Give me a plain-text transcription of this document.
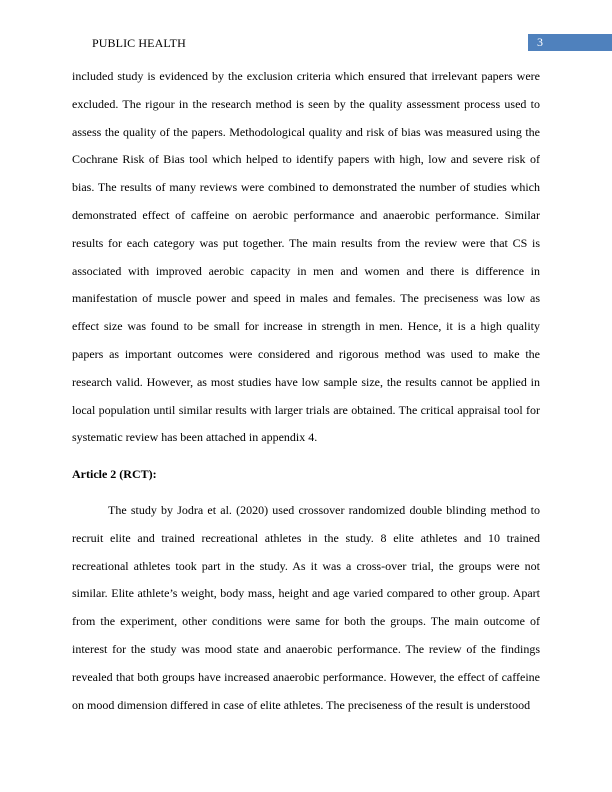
PUBLIC HEALTH	3

included study is evidenced by the exclusion criteria which ensured that irrelevant papers were excluded. The rigour in the research method is seen by the quality assessment process used to assess the quality of the papers. Methodological quality and risk of bias was measured using the Cochrane Risk of Bias tool which helped to identify papers with high, low and severe risk of bias. The results of many reviews were combined to demonstrated the number of studies which demonstrated effect of caffeine on aerobic performance and anaerobic performance. Similar results for each category was put together. The main results from the review were that CS is associated with improved aerobic capacity in men and women and there is difference in manifestation of muscle power and speed in males and females. The preciseness was low as effect size was found to be small for increase in strength in men. Hence, it is a high quality papers as important outcomes were considered and rigorous method was used to make the research valid. However, as most studies have low sample size, the results cannot be applied in local population until similar results with larger trials are obtained. The critical appraisal tool for systematic review has been attached in appendix 4.

Article 2 (RCT):

The study by Jodra et al. (2020) used crossover randomized double blinding method to recruit elite and trained recreational athletes in the study. 8 elite athletes and 10 trained recreational athletes took part in the study. As it was a cross-over trial, the groups were not similar. Elite athlete’s weight, body mass, height and age varied compared to other group. Apart from the experiment, other conditions were same for both the groups. The main outcome of interest for the study was mood state and anaerobic performance. The review of the findings revealed that both groups have increased anaerobic performance. However, the effect of caffeine on mood dimension differed in case of elite athletes. The preciseness of the result is understood
